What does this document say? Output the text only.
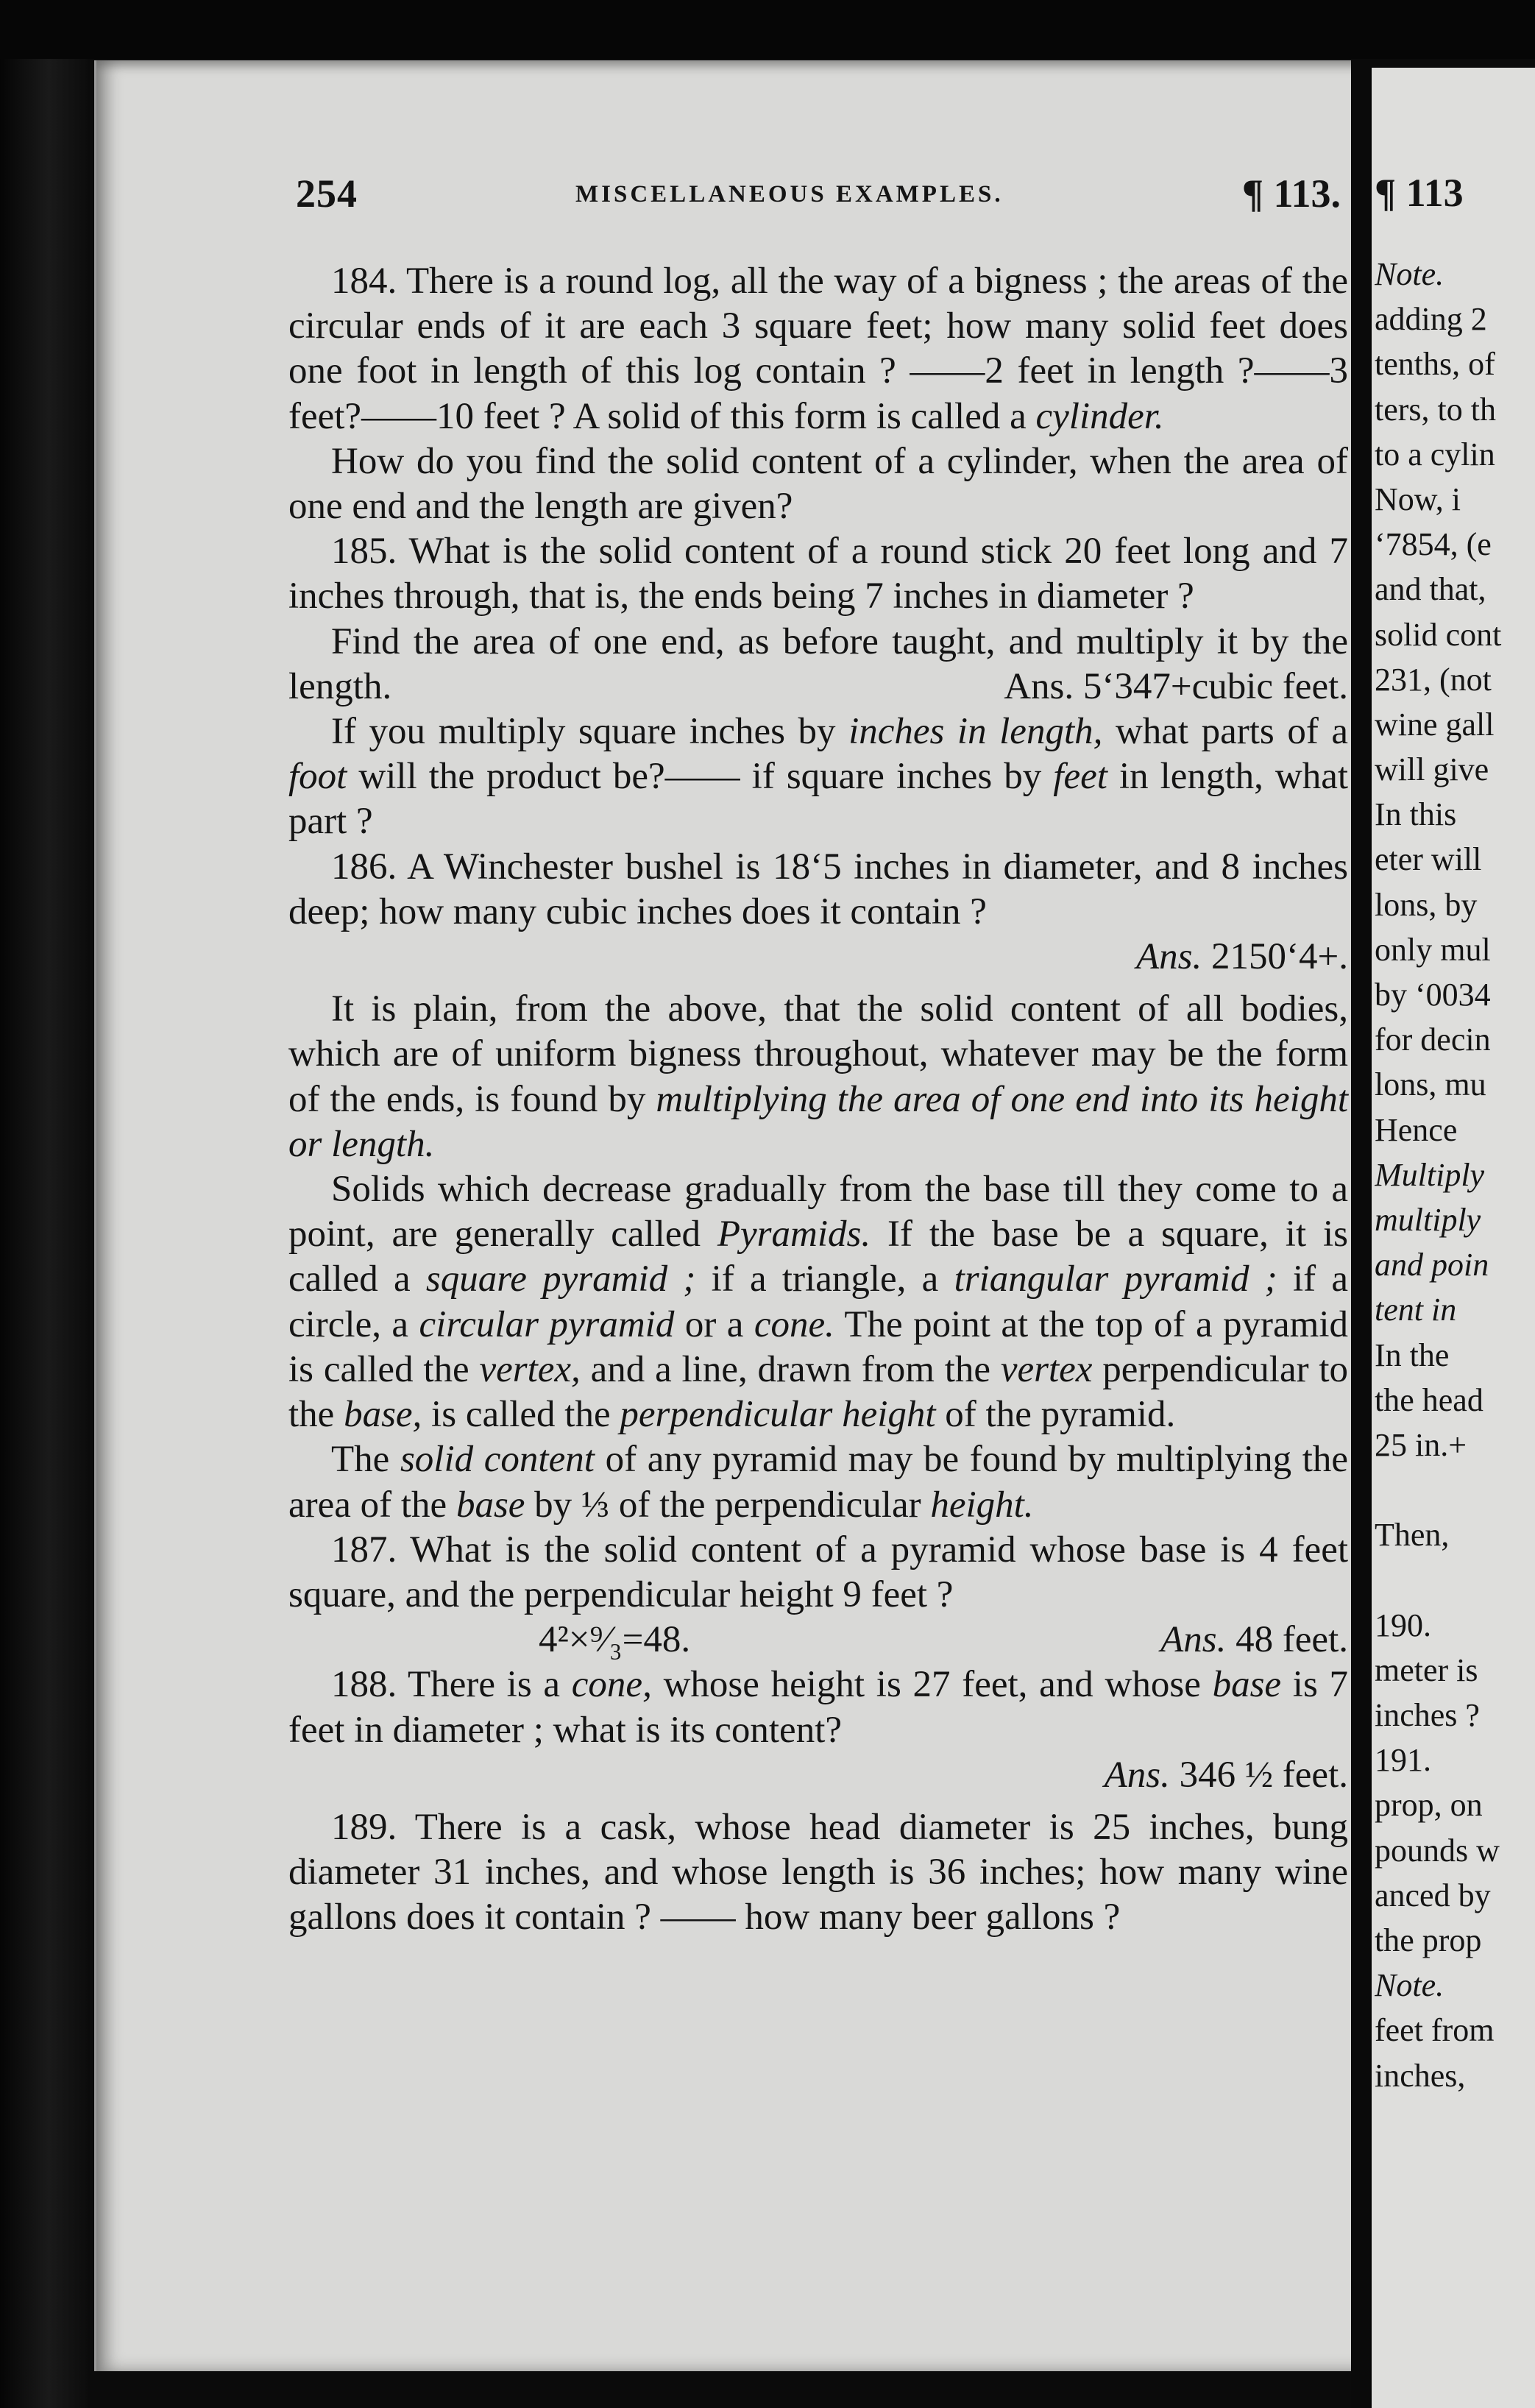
254	MISCELLANEOUS EXAMPLES.	¶ 113.

184. There is a round log, all the way of a bigness ; the areas of the circular ends of it are each 3 square feet; how many solid feet does one foot in length of this log contain ? ——2 feet in length ?——3 feet?——10 feet ? A solid of this form is called a cylinder.

How do you find the solid content of a cylinder, when the area of one end and the length are given?

185. What is the solid content of a round stick 20 feet long and 7 inches through, that is, the ends being 7 inches in diameter ?

Find the area of one end, as before taught, and multiply it by the length.	Ans. 5‘347+cubic feet.

If you multiply square inches by inches in length, what parts of a foot will the product be?—— if square inches by feet in length, what part ?

186. A Winchester bushel is 18‘5 inches in diameter, and 8 inches deep; how many cubic inches does it contain ?

Ans. 2150‘4+.

It is plain, from the above, that the solid content of all bodies, which are of uniform bigness throughout, whatever may be the form of the ends, is found by multiplying the area of one end into its height or length.

Solids which decrease gradually from the base till they come to a point, are generally called Pyramids. If the base be a square, it is called a square pyramid ; if a triangle, a triangular pyramid ; if a circle, a circular pyramid or a cone. The point at the top of a pyramid is called the vertex, and a line, drawn from the vertex perpendicular to the base, is called the perpendicular height of the pyramid.

The solid content of any pyramid may be found by multiplying the area of the base by ⅓ of the perpendicular height.

187. What is the solid content of a pyramid whose base is 4 feet square, and the perpendicular height 9 feet ?

4²×⁹⁄₃=48.	Ans. 48 feet.

188. There is a cone, whose height is 27 feet, and whose base is 7 feet in diameter ; what is its content?

Ans. 346 ½ feet.

189. There is a cask, whose head diameter is 25 inches, bung diameter 31 inches, and whose length is 36 inches; how many wine gallons does it contain ? —— how many beer gallons ?

¶ 113
Note.
adding 2
tenths, of
ters, to th
to a cylin
Now, i
‘7854, (e
and that,
solid cont
231, (not
wine gall
will give
In this
eter will
lons, by
only mul
by ‘0034
for decin
lons, mu
Hence
Multiply
multiply
and poin
tent in
In the
the head
25 in.+
Then,
190.
meter is
inches ?
191.
prop, on
pounds w
anced by
the prop
Note.
feet from
inches,
